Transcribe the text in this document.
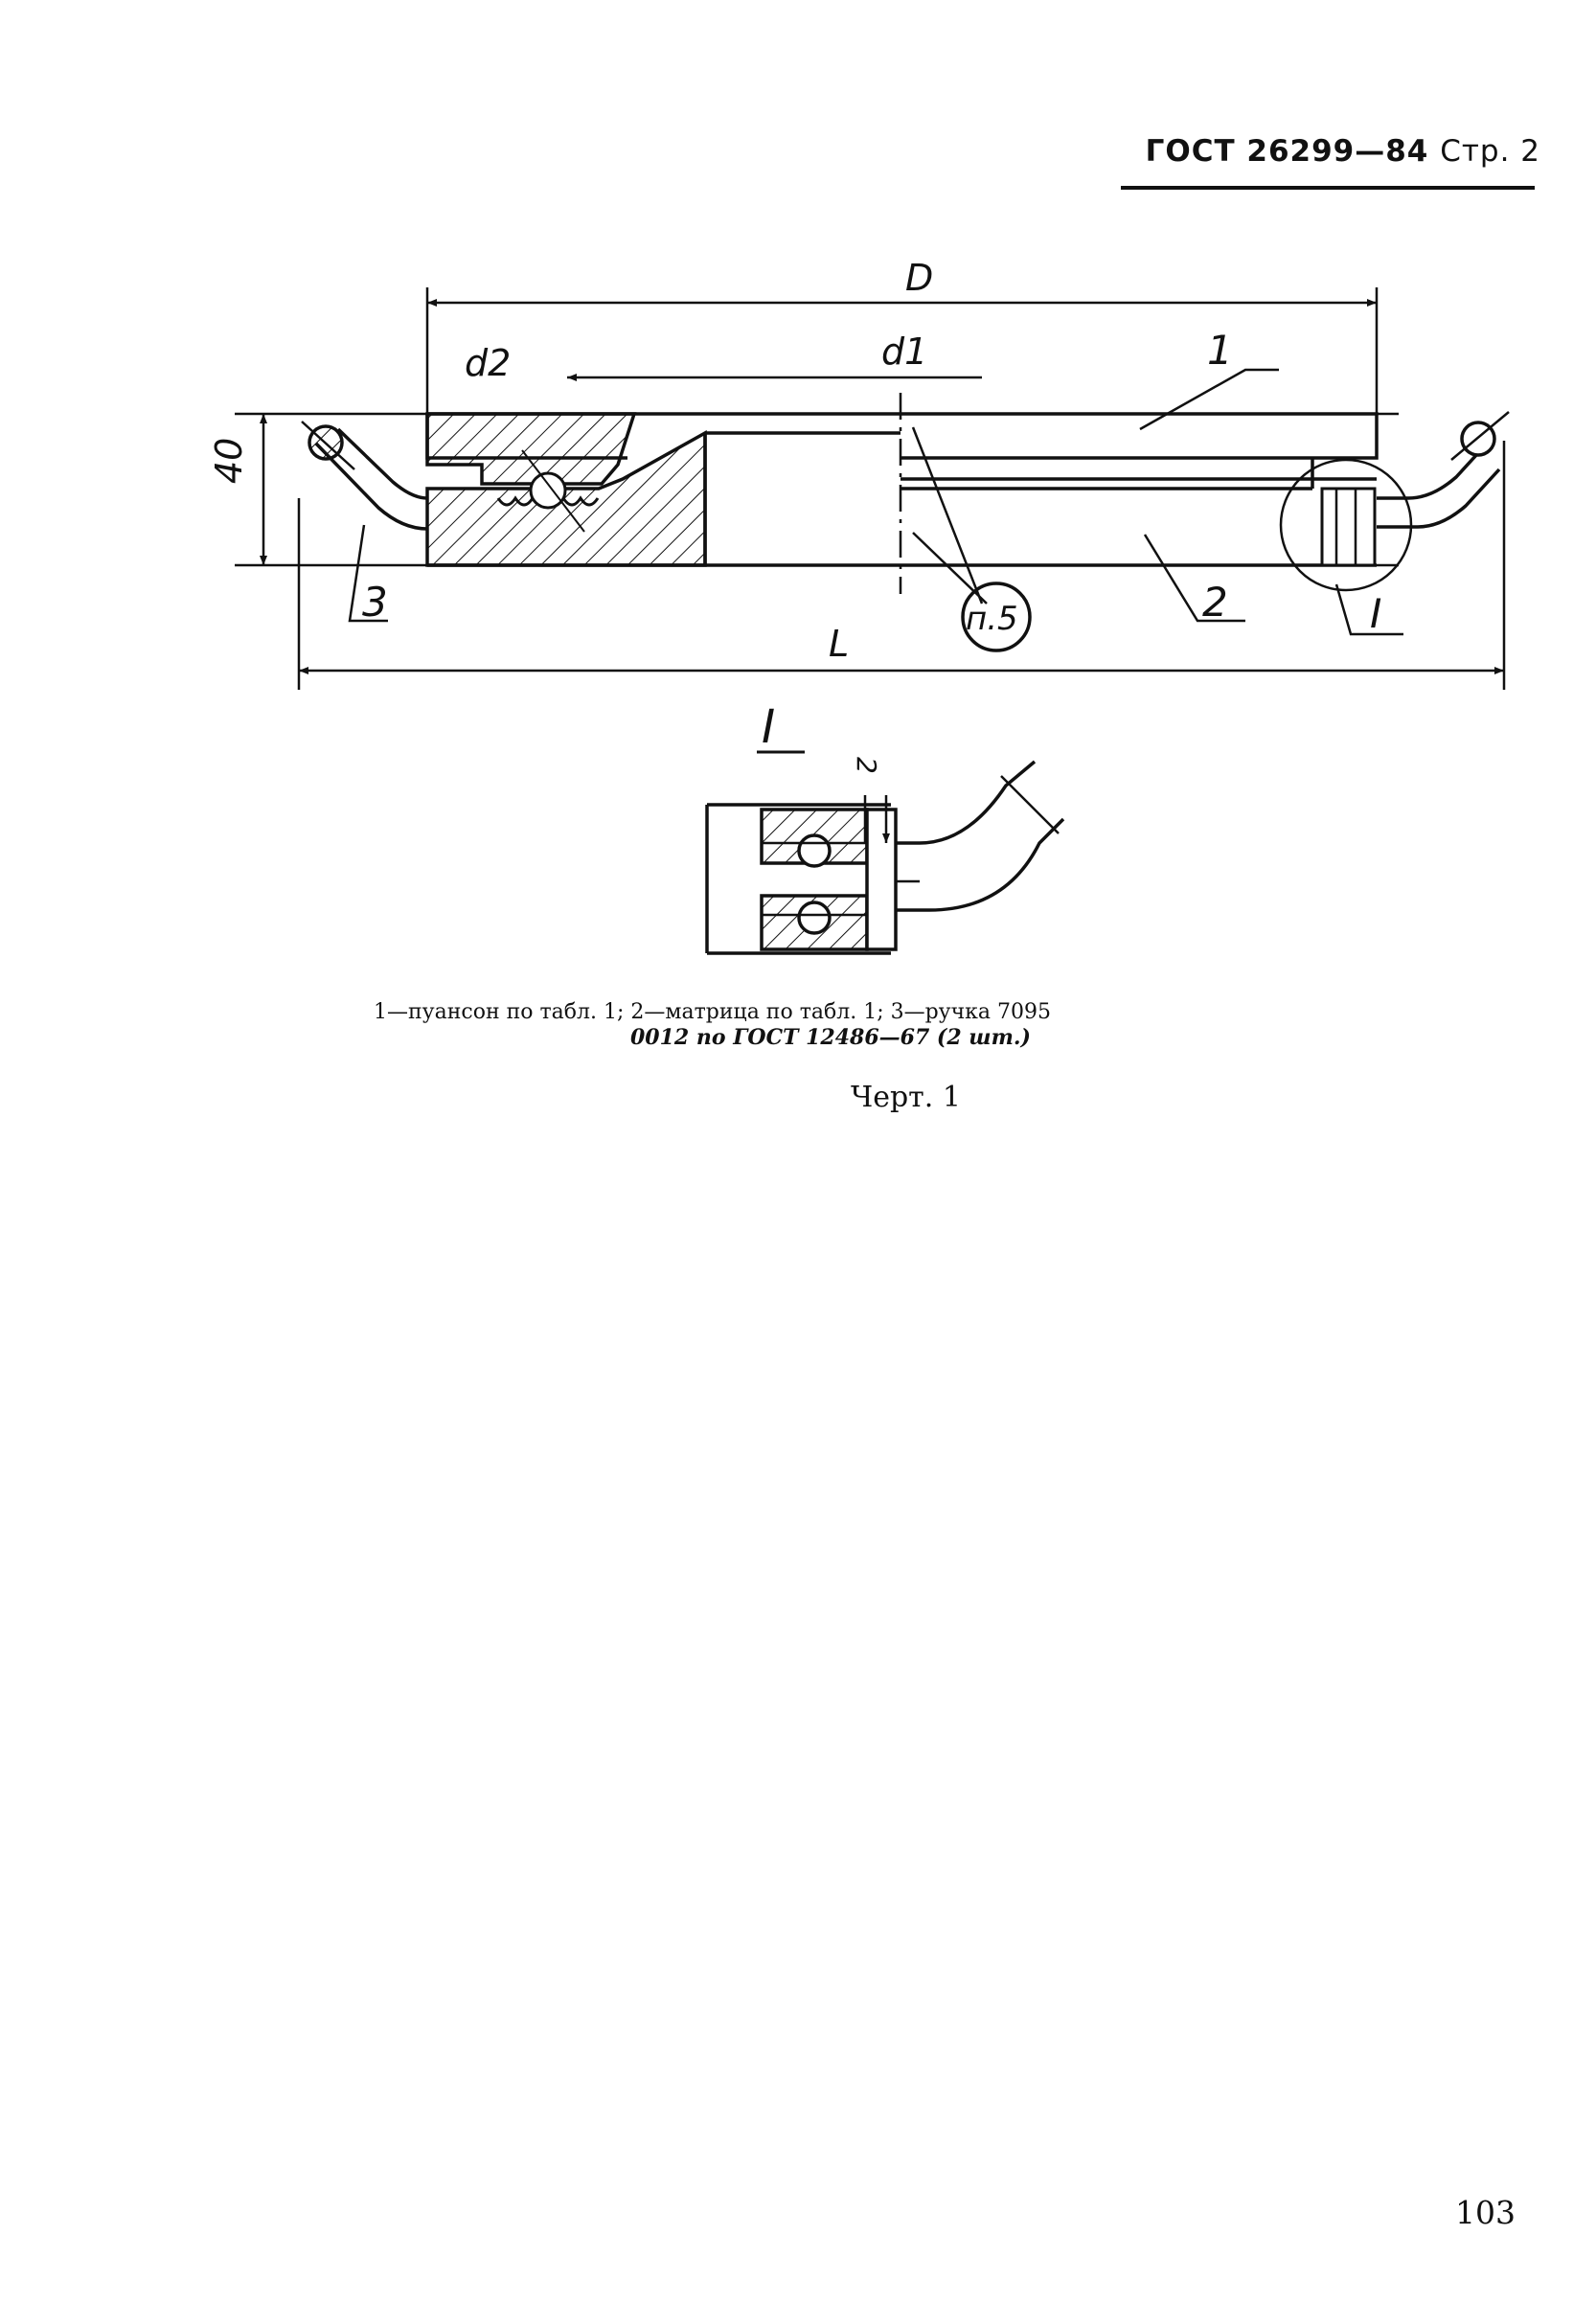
ГОСТ 26299—84 Стр. 2
D
d1
d2
40
L
1
2
3	I
п.5
I
2
1—пуансон по табл. 1; 2—матрица по табл. 1; 3—ручка 7095
0012 по ГОСТ 12486—67 (2 шт.)
Черт. 1
103
